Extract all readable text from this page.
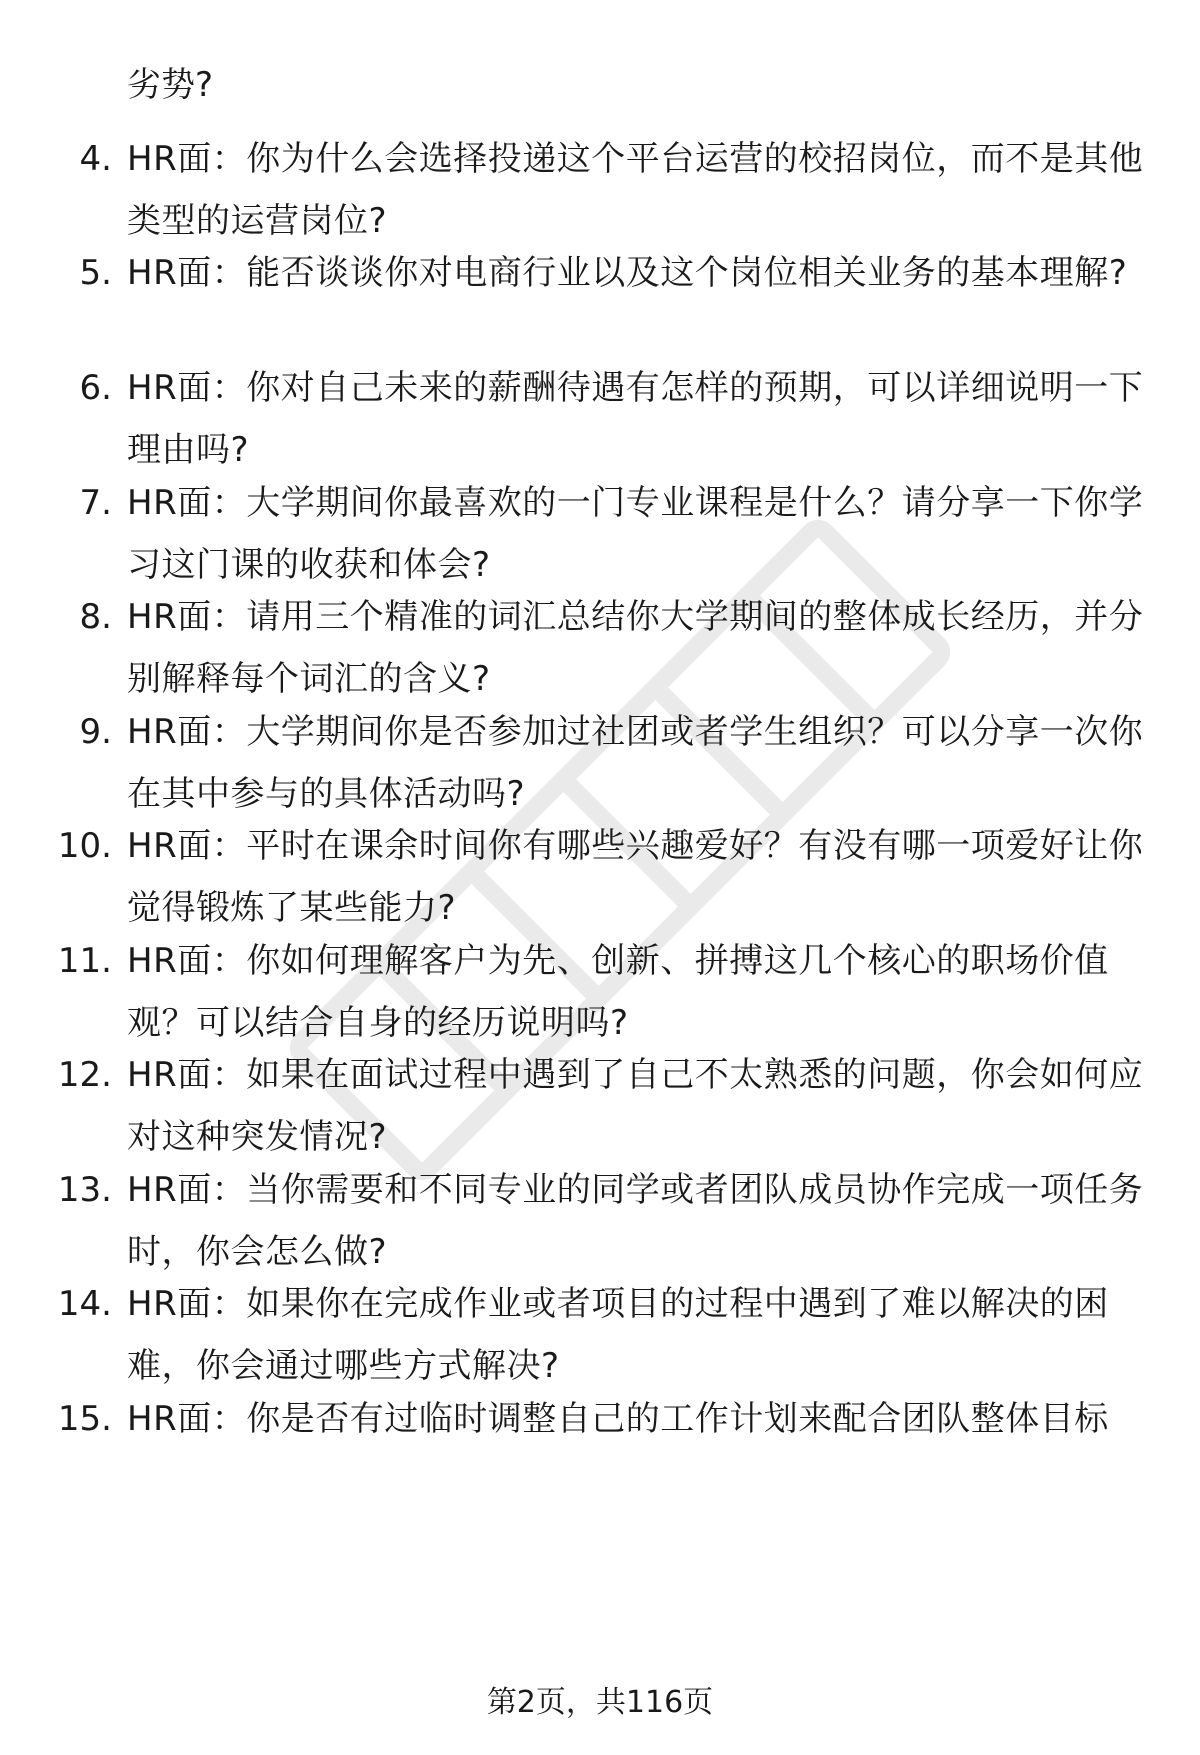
劣势?
4. HR面：你为什么会选择投递这个平台运营的校招岗位，而不是其他类型的运营岗位?
5. HR面：能否谈谈你对电商行业以及这个岗位相关业务的基本理解?
6. HR面：你对自己未来的薪酬待遇有怎样的预期，可以详细说明一下理由吗?
7. HR面：大学期间你最喜欢的一门专业课程是什么？请分享一下你学习这门课的收获和体会?
8. HR面：请用三个精准的词汇总结你大学期间的整体成长经历，并分别解释每个词汇的含义?
9. HR面：大学期间你是否参加过社团或者学生组织？可以分享一次你在其中参与的具体活动吗?
10. HR面：平时在课余时间你有哪些兴趣爱好？有没有哪一项爱好让你觉得锻炼了某些能力?
11. HR面：你如何理解客户为先、创新、拼搏这几个核心的职场价值观？可以结合自身的经历说明吗?
12. HR面：如果在面试过程中遇到了自己不太熟悉的问题，你会如何应对这种突发情况?
13. HR面：当你需要和不同专业的同学或者团队成员协作完成一项任务时，你会怎么做?
14. HR面：如果你在完成作业或者项目的过程中遇到了难以解决的困难，你会通过哪些方式解决?
15. HR面：你是否有过临时调整自己的工作计划来配合团队整体目标
第2页，共116页
